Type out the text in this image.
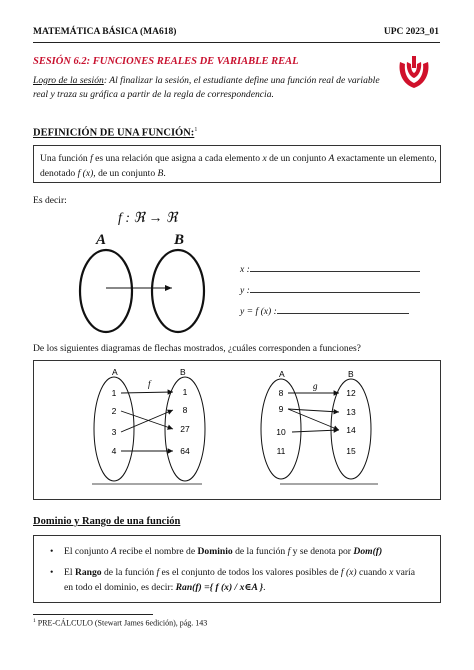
MATEMÁTICA BÁSICA (MA618)	UPC 2023_01
SESIÓN 6.2: FUNCIONES REALES DE VARIABLE REAL
Logro de la sesión: Al finalizar la sesión, el estudiante define una función real de variable
real y traza su gráfica a partir de la regla de correspondencia.
DEFINICIÓN DE UNA FUNCIÓN:$^1$
Una función f es una relación que asigna a cada elemento x de un conjunto A exactamente un elemento,
denotado f (x), de un conjunto B.
Es decir:
f : ℜ → ℜ
A	B
x :
y :
y = f (x) :
De los siguientes diagramas de flechas mostrados, ¿cuáles corresponden a funciones?
A	B
f
1
2
3
4
1
8
27
64
A	B
g
8
9
10
11
12
13
14
15
Dominio y Rango de una función
• El conjunto A recibe el nombre de Dominio de la función f y se denota por Dom(f)
• El Rango de la función f es el conjunto de todos los valores posibles de f (x) cuando x varía
en todo el dominio, es decir: Ran(f) ={ f (x) / x∈A }.
$^1$ PRE-CÁLCULO (Stewart James 6edición), pág. 143
